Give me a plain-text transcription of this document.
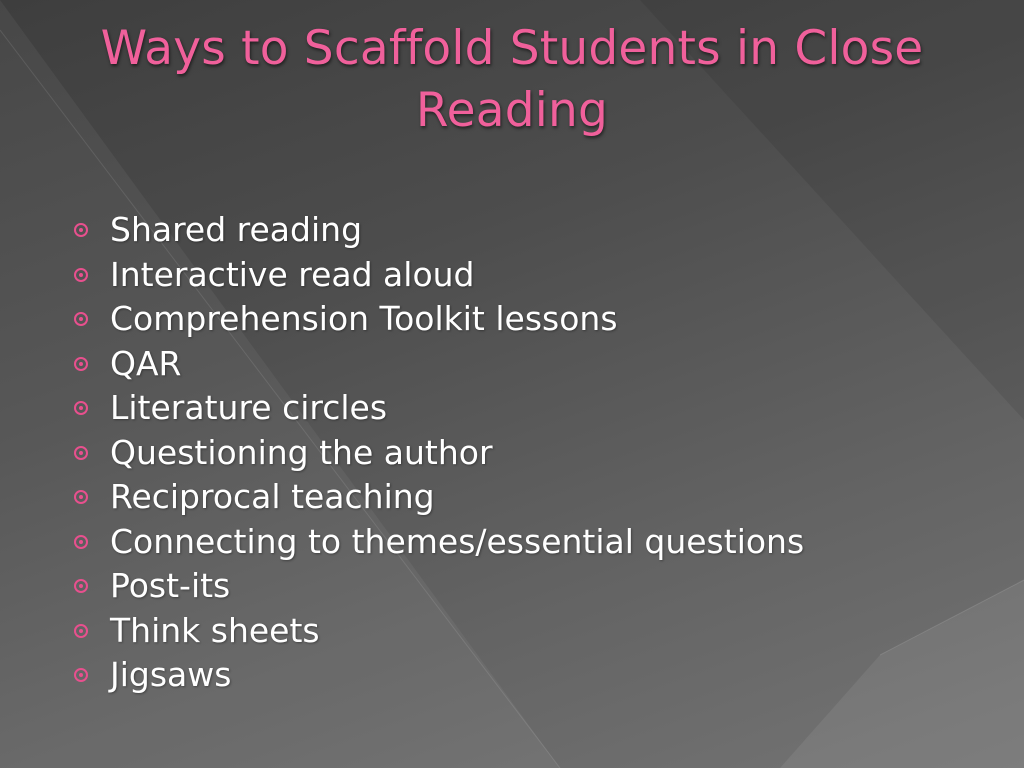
Ways to Scaffold Students in Close Reading
Shared reading
Interactive read aloud
Comprehension Toolkit lessons
QAR
Literature circles
Questioning the author
Reciprocal teaching
Connecting to themes/essential questions
Post-its
Think sheets
Jigsaws
